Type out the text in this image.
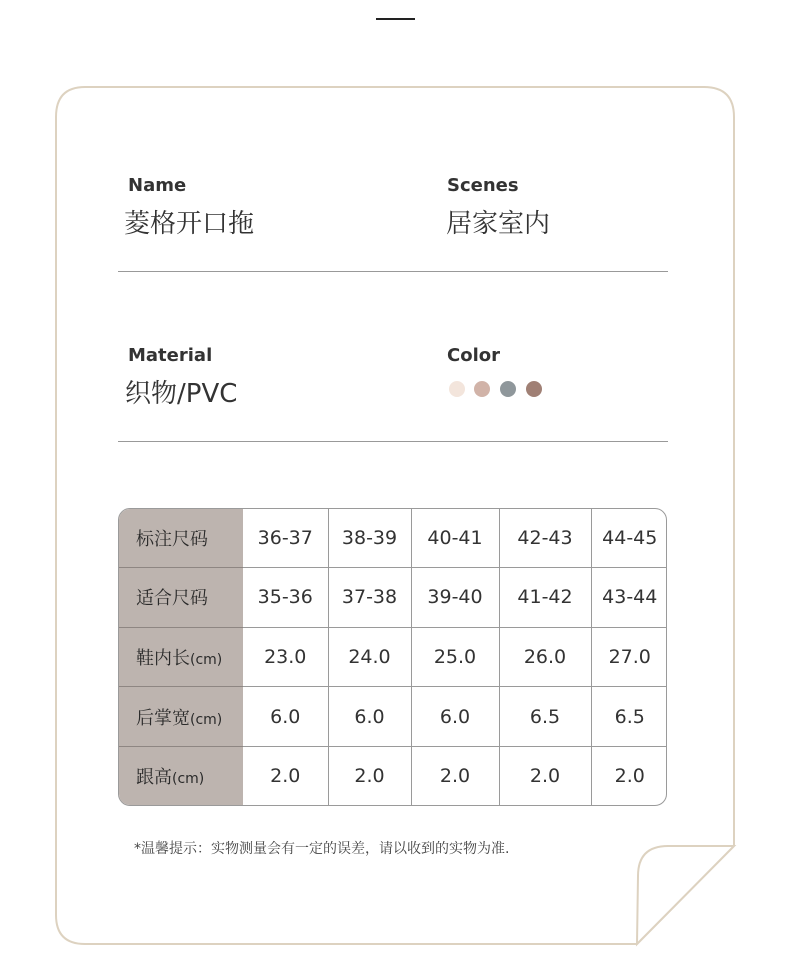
Name
菱格开口拖
Scenes
居家室内
Material
织物/PVC
Color
标注尺码	36-37	38-39	40-41	42-43	44-45
适合尺码	35-36	37-38	39-40	41-42	43-44
鞋内长(cm)	23.0	24.0	25.0	26.0	27.0
后掌宽(cm)	6.0	6.0	6.0	6.5	6.5
跟高(cm)	2.0	2.0	2.0	2.0	2.0
*温馨提示：实物测量会有一定的误差，请以收到的实物为准.
